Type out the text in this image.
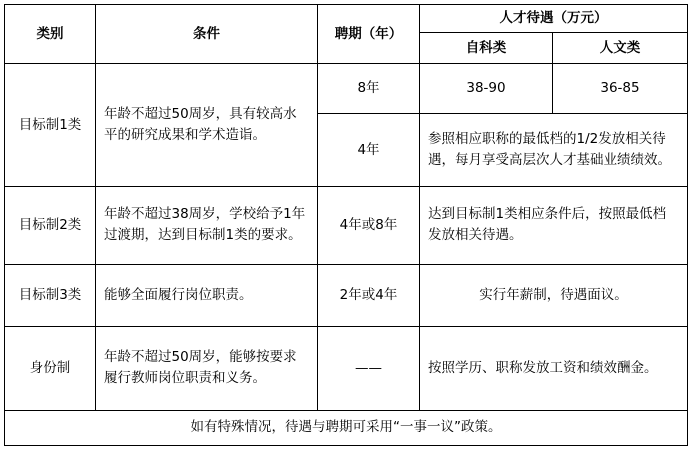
类别	条件	聘期（年）	人才待遇（万元）	
			自科类	人文类
目标制1类	年龄不超过50周岁，具有较高水平的研究成果和学术造诣。	8年	38-90	36-85
		4年	参照相应职称的最低档的1/2发放相关待遇，每月享受高层次人才基础业绩绩效。	

目标制2类	年龄不超过38周岁，学校给予1年过渡期，达到目标制1类的要求。	4年或8年	达到目标制1类相应条件后，按照最低档发放相关待遇。	

目标制3类	能够全面履行岗位职责。	2年或4年	实行年薪制，待遇面议。	

身份制	年龄不超过50周岁，能够按要求履行教师岗位职责和义务。	——	按照学历、职称发放工资和绩效酬金。	

如有特殊情况，待遇与聘期可采用“一事一议”政策。				
